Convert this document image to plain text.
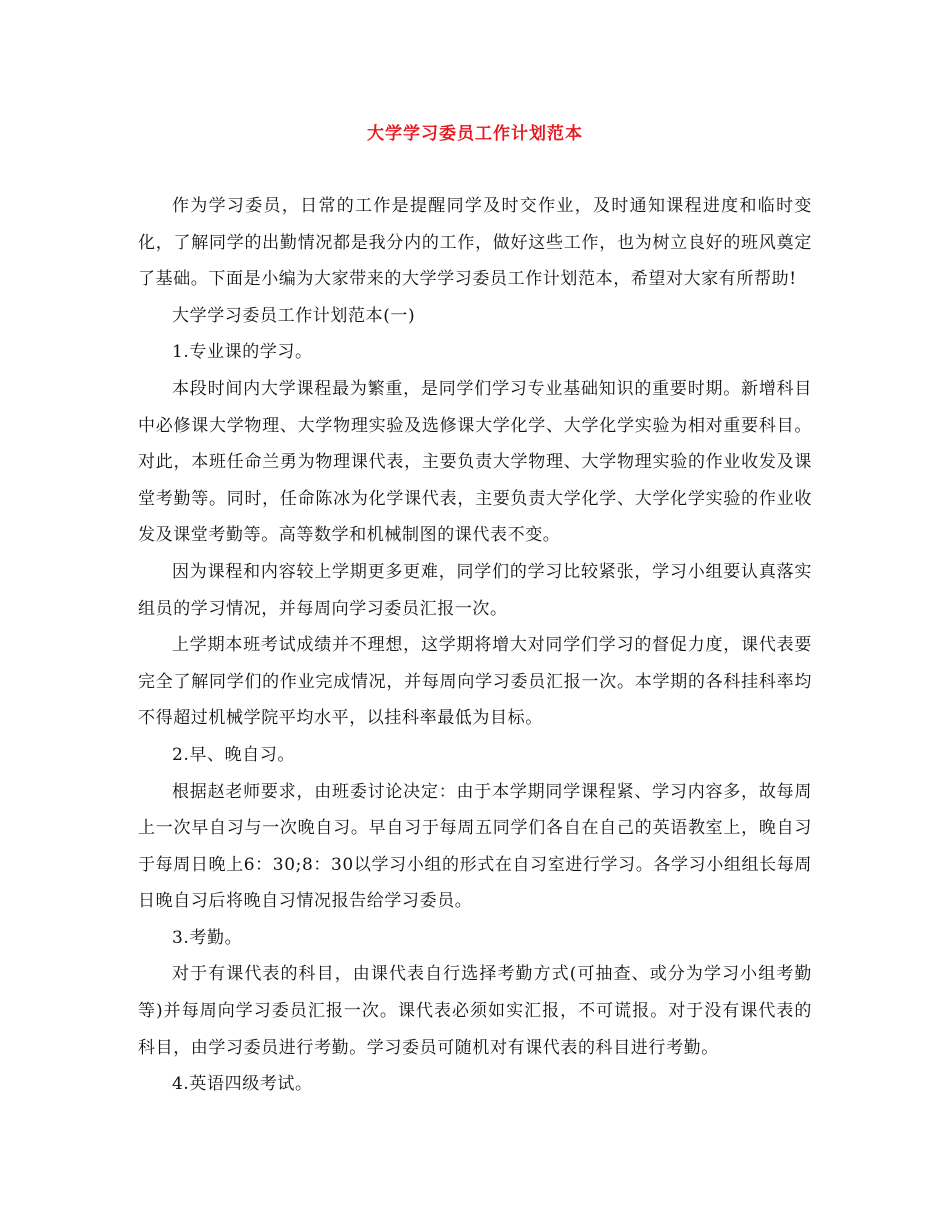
大学学习委员工作计划范本

作为学习委员，日常的工作是提醒同学及时交作业，及时通知课程进度和临时变化，了解同学的出勤情况都是我分内的工作，做好这些工作，也为树立良好的班风奠定了基础。下面是小编为大家带来的大学学习委员工作计划范本，希望对大家有所帮助!

大学学习委员工作计划范本(一)

1.专业课的学习。

本段时间内大学课程最为繁重，是同学们学习专业基础知识的重要时期。新增科目中必修课大学物理、大学物理实验及选修课大学化学、大学化学实验为相对重要科目。对此，本班任命兰勇为物理课代表，主要负责大学物理、大学物理实验的作业收发及课堂考勤等。同时，任命陈冰为化学课代表，主要负责大学化学、大学化学实验的作业收发及课堂考勤等。高等数学和机械制图的课代表不变。

因为课程和内容较上学期更多更难，同学们的学习比较紧张，学习小组要认真落实组员的学习情况，并每周向学习委员汇报一次。

上学期本班考试成绩并不理想，这学期将增大对同学们学习的督促力度，课代表要完全了解同学们的作业完成情况，并每周向学习委员汇报一次。本学期的各科挂科率均不得超过机械学院平均水平，以挂科率最低为目标。

2.早、晚自习。

根据赵老师要求，由班委讨论决定：由于本学期同学课程紧、学习内容多，故每周上一次早自习与一次晚自习。早自习于每周五同学们各自在自己的英语教室上，晚自习于每周日晚上6：30;8：30以学习小组的形式在自习室进行学习。各学习小组组长每周日晚自习后将晚自习情况报告给学习委员。

3.考勤。

对于有课代表的科目，由课代表自行选择考勤方式(可抽查、或分为学习小组考勤等)并每周向学习委员汇报一次。课代表必须如实汇报，不可谎报。对于没有课代表的科目，由学习委员进行考勤。学习委员可随机对有课代表的科目进行考勤。

4.英语四级考试。
